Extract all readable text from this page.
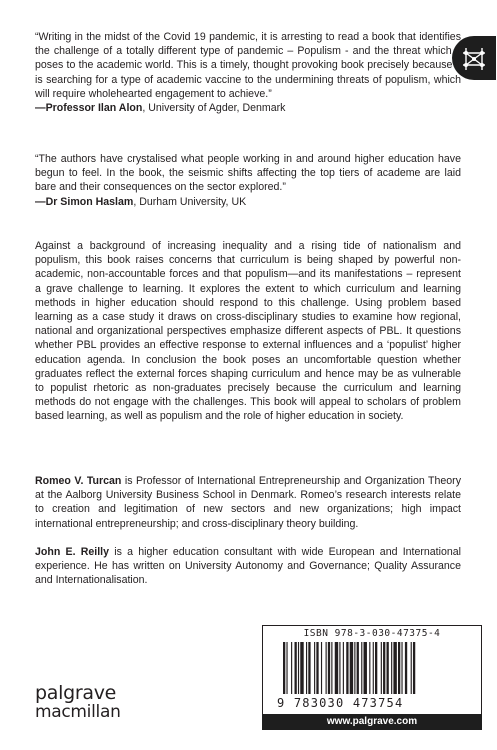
“Writing in the midst of the Covid 19 pandemic, it is arresting to read a book that identifies the challenge of a totally different type of pandemic – Populism - and the threat which it poses to the academic world. This is a timely, thought provoking book precisely because it is searching for a type of academic vaccine to the undermining threats of populism, which will require wholehearted engagement to achieve.”
—Professor Ilan Alon, University of Agder, Denmark
“The authors have crystalised what people working in and around higher education have begun to feel. In the book, the seismic shifts affecting the top tiers of academe are laid bare and their consequences on the sector explored.”
—Dr Simon Haslam, Durham University, UK
Against a background of increasing inequality and a rising tide of nationalism and populism, this book raises concerns that curriculum is being shaped by powerful non-academic, non-accountable forces and that populism—and its manifestations – represent a grave challenge to learning. It explores the extent to which curriculum and learning methods in higher education should respond to this challenge. Using problem based learning as a case study it draws on cross-disciplinary studies to examine how regional, national and organizational perspectives emphasize different aspects of PBL. It questions whether PBL provides an effective response to external influences and a ‘populist’ higher education agenda. In conclusion the book poses an uncomfortable question whether graduates reflect the external forces shaping curriculum and hence may be as vulnerable to populist rhetoric as non-graduates precisely because the curriculum and learning methods do not engage with the challenges. This book will appeal to scholars of problem based learning, as well as populism and the role of higher education in society.
Romeo V. Turcan is Professor of International Entrepreneurship and Organization Theory at the Aalborg University Business School in Denmark. Romeo’s research interests relate to creation and legitimation of new sectors and new organizations; high impact international entrepreneurship; and cross-disciplinary theory building.
John E. Reilly is a higher education consultant with wide European and International experience. He has written on University Autonomy and Governance; Quality Assurance and Internationalisation.
ISBN 978-3-030-47375-4
9 783030 473754
www.palgrave.com
palgrave
macmillan
